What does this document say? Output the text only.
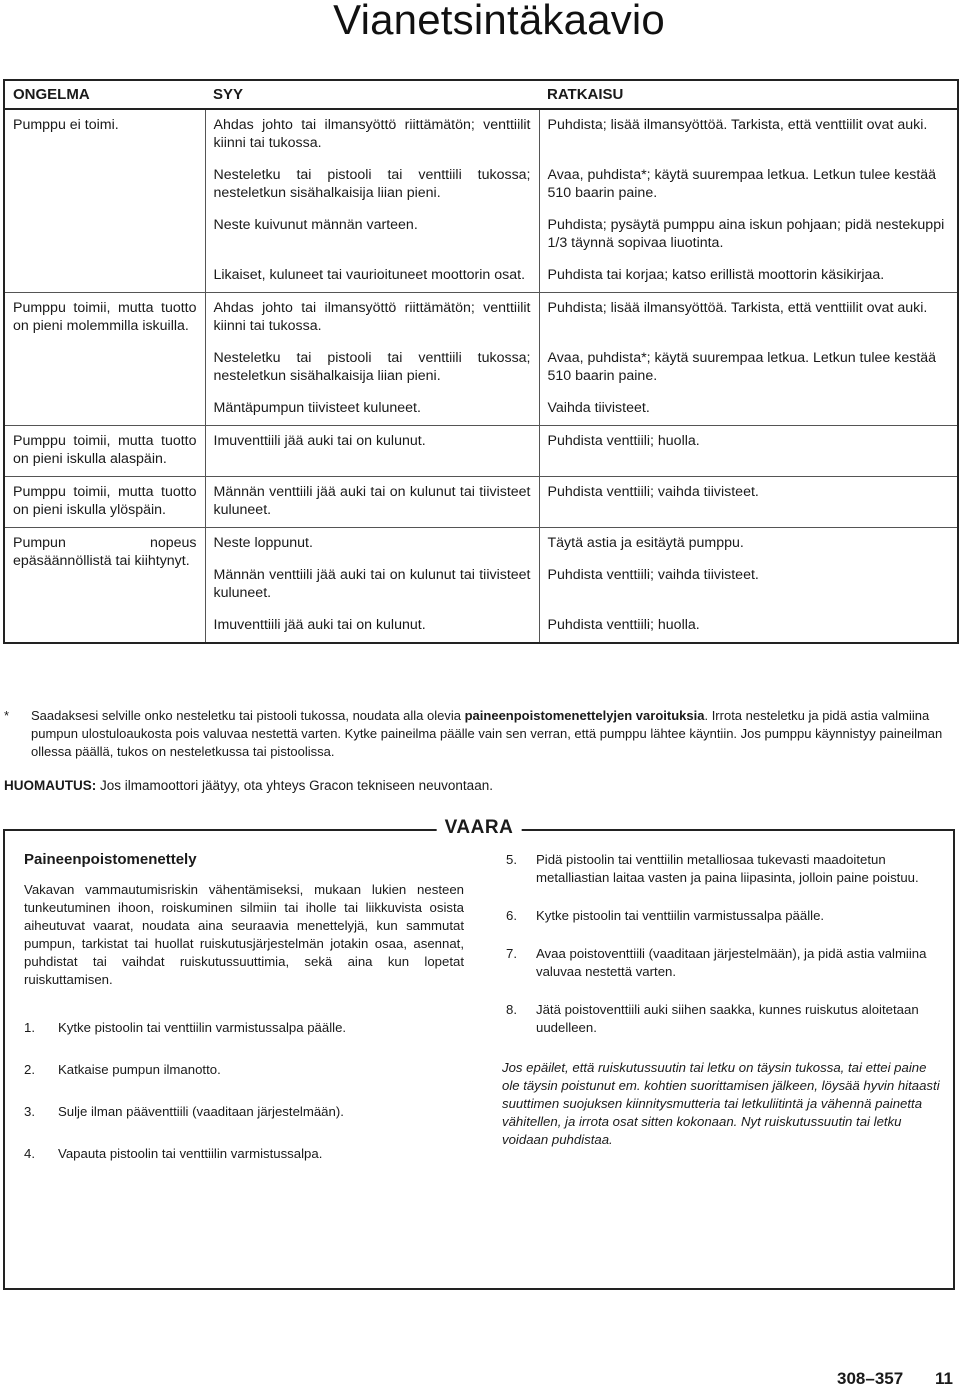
Vianetsintäkaavio
ONGELMA	SYY	RATKAISU

Pumppu ei toimi.	Ahdas johto tai ilmansyöttö riittämätön; venttiilit kiinni tai tukossa.	Puhdista; lisää ilmansyöttöä. Tarkista, että venttiilit ovat auki.

	Nesteletku tai pistooli tai venttiili tukossa; nesteletkun sisähalkaisija liian pieni.	Avaa, puhdista*; käytä suurempaa letkua. Letkun tulee kestää 510 baarin paine.

	Neste kuivunut männän varteen.	Puhdista; pysäytä pumppu aina iskun pohjaan; pidä nestekuppi 1/3 täynnä sopivaa liuotinta.

	Likaiset, kuluneet tai vaurioituneet moottorin osat.	Puhdista tai korjaa; katso erillistä moottorin käsikirjaa.

Pumppu toimii, mutta tuotto on pieni molemmilla iskuilla.	Ahdas johto tai ilmansyöttö riittämätön; venttiilit kiinni tai tukossa.	Puhdista; lisää ilmansyöttöä. Tarkista, että venttiilit ovat auki.

	Nesteletku tai pistooli tai venttiili tukossa; nesteletkun sisähalkaisija liian pieni.	Avaa, puhdista*; käytä suurempaa letkua. Letkun tulee kestää 510 baarin paine.

	Mäntäpumpun tiivisteet kuluneet.	Vaihda tiivisteet.

Pumppu toimii, mutta tuotto on pieni iskulla alaspäin.	Imuventtiili jää auki tai on kulunut.	Puhdista venttiili; huolla.

Pumppu toimii, mutta tuotto on pieni iskulla ylöspäin.	Männän venttiili jää auki tai on kulunut tai tiivisteet kuluneet.	Puhdista venttiili; vaihda tiivisteet.

Pumpun nopeus epäsäännöllistä tai kiihtynyt.	Neste loppunut.	Täytä astia ja esitäytä pumppu.

	Männän venttiili jää auki tai on kulunut tai tiivisteet kuluneet.	Puhdista venttiili; vaihda tiivisteet.

	Imuventtiili jää auki tai on kulunut.	Puhdista venttiili; huolla.
* Saadaksesi selville onko nesteletku tai pistooli tukossa, noudata alla olevia paineenpoistomenettelyjen varoituksia. Irrota nesteletku ja pidä astia valmiina pumpun ulostuloaukosta pois valuvaa nestettä varten. Kytke paineilma päälle vain sen verran, että pumppu lähtee käyntiin. Jos pumppu käynnistyy paineilman ollessa päällä, tukos on nesteletkussa tai pistoolissa.
HUOMAUTUS: Jos ilmamoottori jäätyy, ota yhteys Gracon tekniseen neuvontaan.
VAARA
Paineenpoistomenettely
Vakavan vammautumisriskin vähentämiseksi, mukaan lukien nesteen tunkeutuminen ihoon, roiskuminen silmiin tai iholle tai liikkuvista osista aiheutuvat vaarat, noudata aina seuraavia menettelyjä, kun sammutat pumpun, tarkistat tai huollat ruiskutusjärjestelmän jotakin osaa, asennat, puhdistat tai vaihdat ruiskutussuuttimia, sekä aina kun lopetat ruiskuttamisen.
1. Kytke pistoolin tai venttiilin varmistussalpa päälle.
2. Katkaise pumpun ilmanotto.
3. Sulje ilman pääventtiili (vaaditaan järjestelmään).
4. Vapauta pistoolin tai venttiilin varmistussalpa.
5. Pidä pistoolin tai venttiilin metalliosaa tukevasti maadoitetun metalliastian laitaa vasten ja paina liipasinta, jolloin paine poistuu.
6. Kytke pistoolin tai venttiilin varmistussalpa päälle.
7. Avaa poistoventtiili (vaaditaan järjestelmään), ja pidä astia valmiina valuvaa nestettä varten.
8. Jätä poistoventtiili auki siihen saakka, kunnes ruiskutus aloitetaan uudelleen.
Jos epäilet, että ruiskutussuutin tai letku on täysin tukossa, tai ettei paine ole täysin poistunut em. kohtien suorittamisen jälkeen, löysää hyvin hitaasti suuttimen suojuksen kiinnitysmutteria tai letkuliitintä ja vähennä painetta vähitellen, ja irrota osat sitten kokonaan. Nyt ruiskutussuutin tai letku voidaan puhdistaa.
308–357 11
